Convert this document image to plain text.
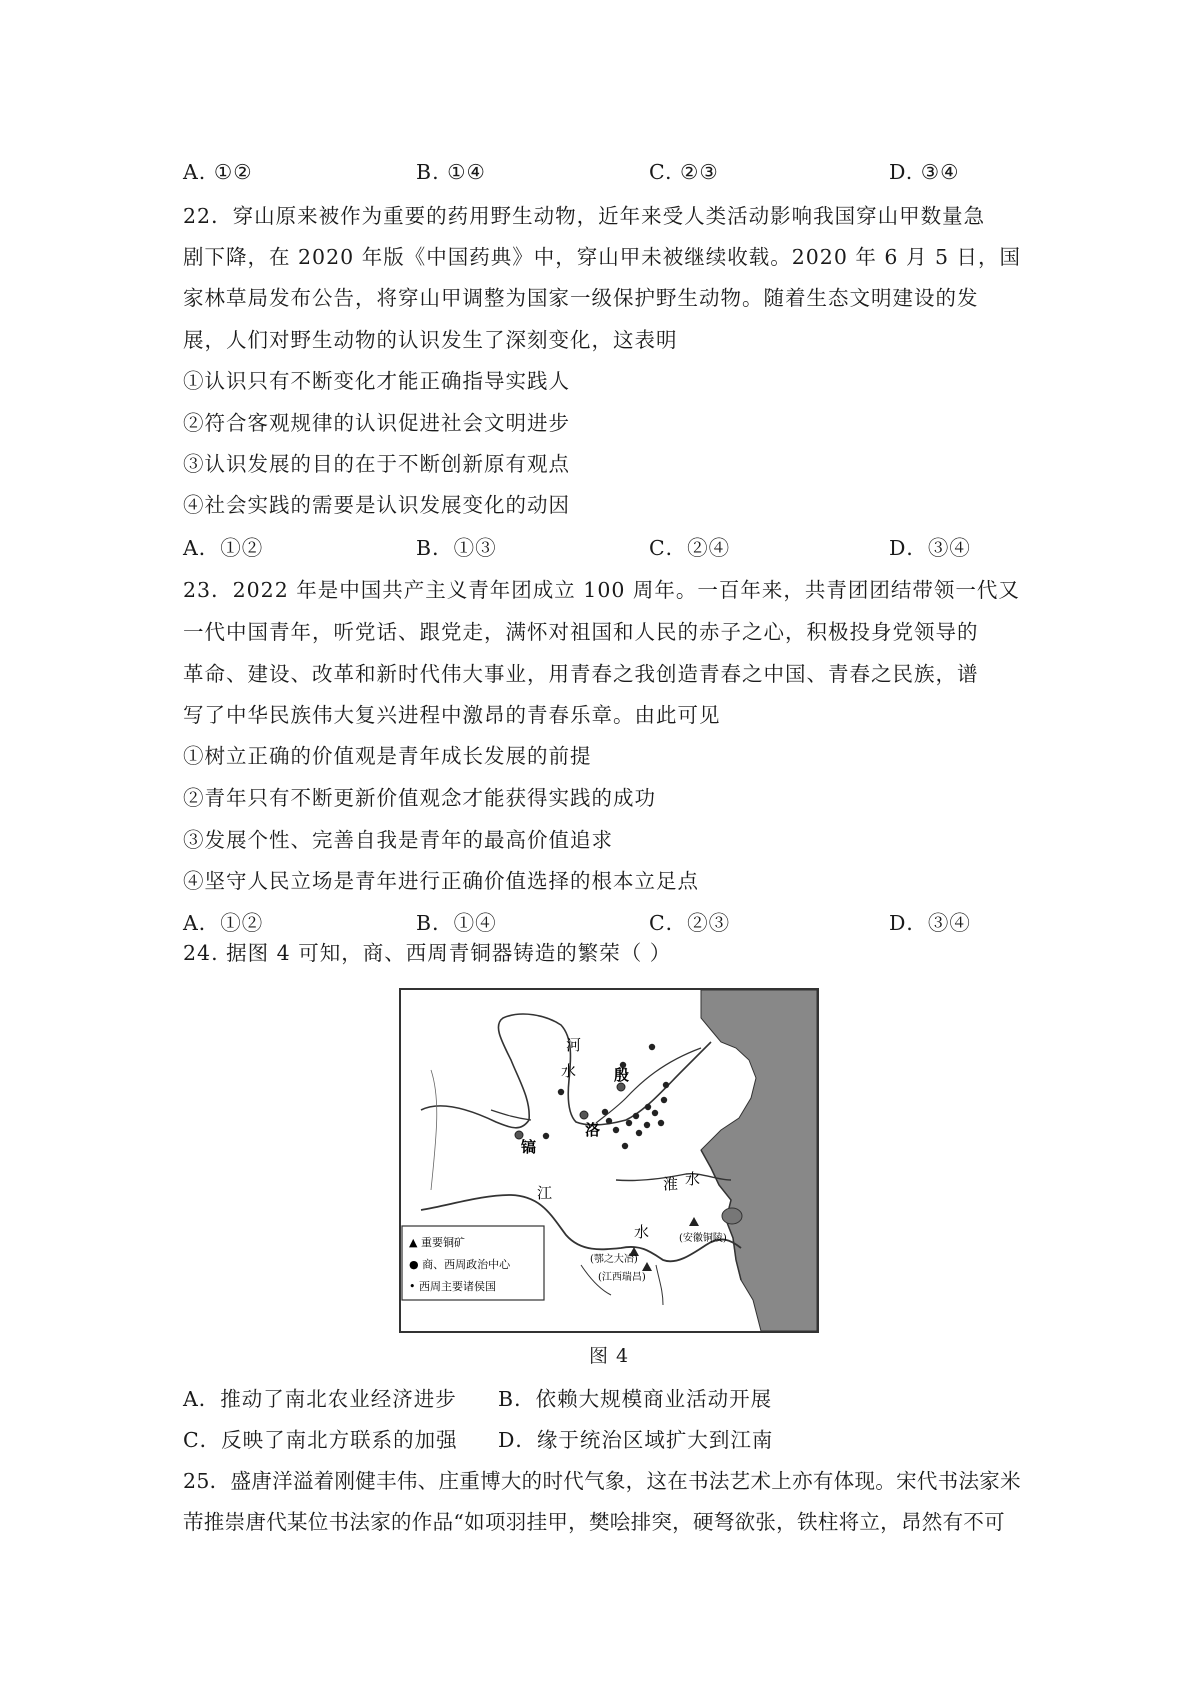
A. ①②	B. ①④	C. ②③	D. ③④
22．穿山原来被作为重要的药用野生动物，近年来受人类活动影响我国穿山甲数量急
剧下降，在 2020 年版《中国药典》中，穿山甲未被继续收载。2020 年 6 月 5 日，国
家林草局发布公告，将穿山甲调整为国家一级保护野生动物。随着生态文明建设的发
展，人们对野生动物的认识发生了深刻变化，这表明
①认识只有不断变化才能正确指导实践人
②符合客观规律的认识促进社会文明进步
③认识发展的目的在于不断创新原有观点
④社会实践的需要是认识发展变化的动因
A．①②	B．①③	C．②④	D．③④
23．2022 年是中国共产主义青年团成立 100 周年。一百年来，共青团团结带领一代又
一代中国青年，听党话、跟党走，满怀对祖国和人民的赤子之心，积极投身党领导的
革命、建设、改革和新时代伟大事业，用青春之我创造青春之中国、青春之民族，谱
写了中华民族伟大复兴进程中激昂的青春乐章。由此可见
①树立正确的价值观是青年成长发展的前提
②青年只有不断更新价值观念才能获得实践的成功
③发展个性、完善自我是青年的最高价值追求
④坚守人民立场是青年进行正确价值选择的根本立足点
A．①②	B．①④	C．②③	D．③④
24. 据图 4 可知，商、西周青铜器铸造的繁荣（ ）
河
水	殷
镐
洛
江
水
淮 水
(安徽铜陵)
(鄂之大冶)
(江西瑞昌)
▲ 重要铜矿
● 商、西周政治中心
• 西周主要诸侯国
图 4
A．推动了南北农业经济进步 B．依赖大规模商业活动开展
C．反映了南北方联系的加强 D．缘于统治区域扩大到江南
25．盛唐洋溢着刚健丰伟、庄重博大的时代气象，这在书法艺术上亦有体现。宋代书法家米
芾推崇唐代某位书法家的作品“如项羽挂甲，樊哙排突，硬弩欲张，铁柱将立，昂然有不可
